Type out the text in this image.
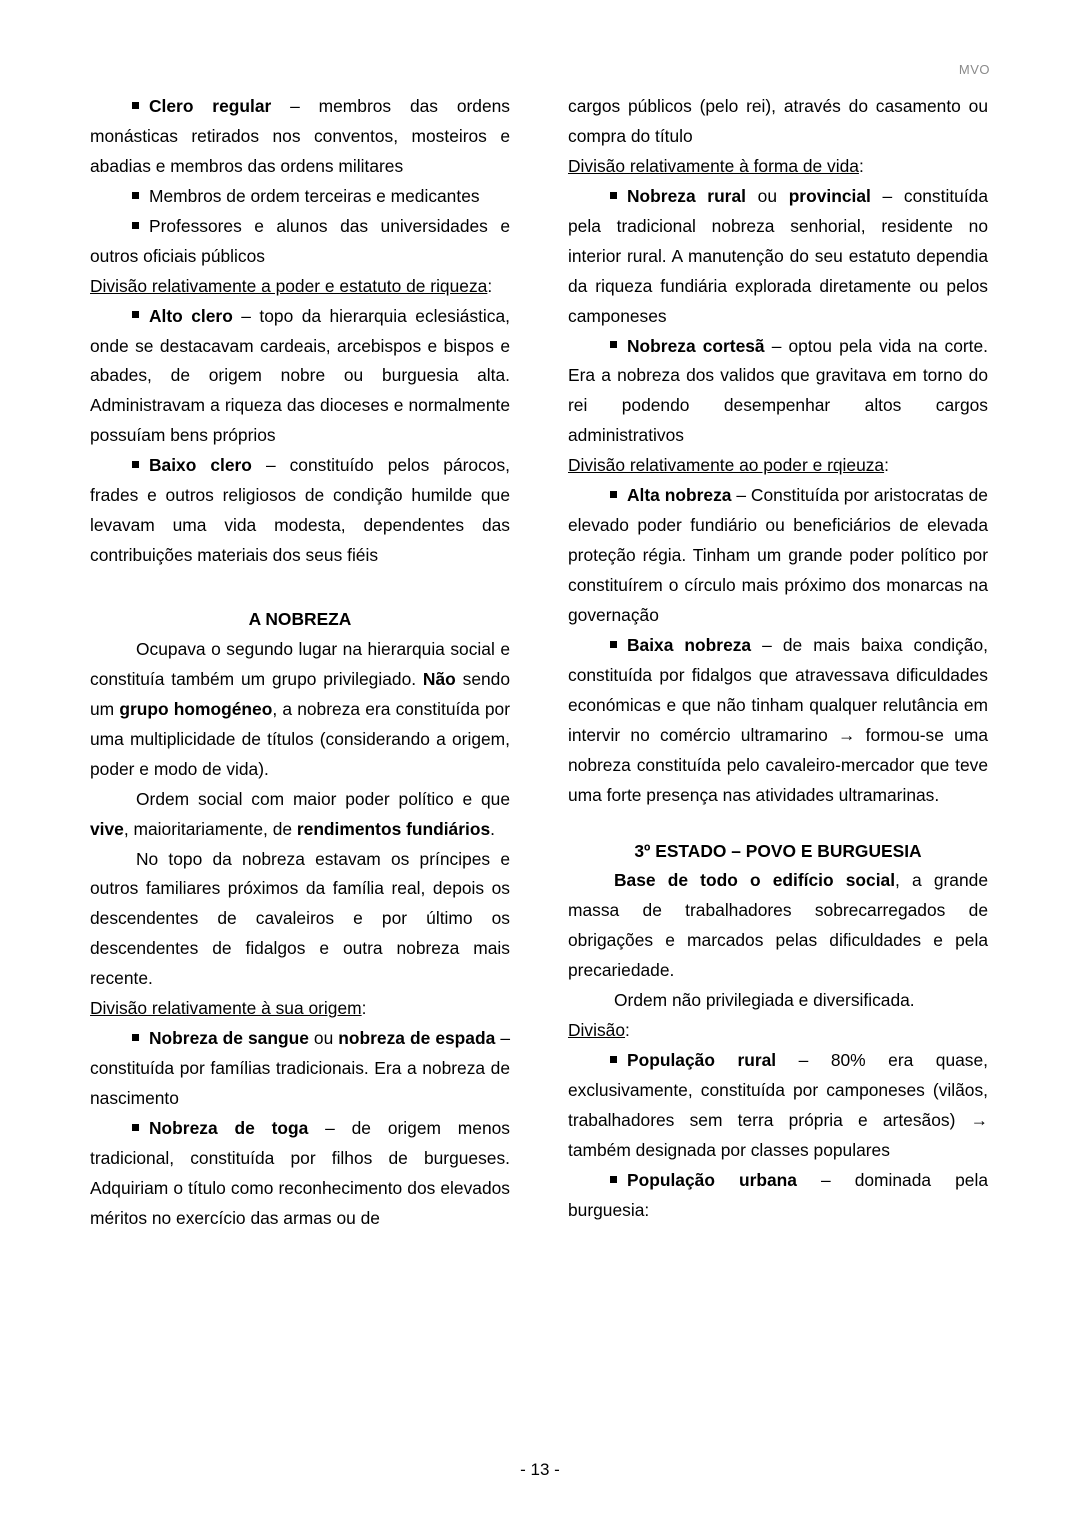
MVO

Clero regular – membros das ordens monásticas retirados nos conventos, mosteiros e abadias e membros das ordens militares

Membros de ordem terceiras e medicantes

Professores e alunos das universidades e outros oficiais públicos

Divisão relativamente a poder e estatuto de riqueza:

Alto clero – topo da hierarquia eclesiástica, onde se destacavam cardeais, arcebispos e bispos e abades, de origem nobre ou burguesia alta. Administravam a riqueza das dioceses e normalmente possuíam bens próprios

Baixo clero – constituído pelos párocos, frades e outros religiosos de condição humilde que levavam uma vida modesta, dependentes das contribuições materiais dos seus fiéis

A NOBREZA

Ocupava o segundo lugar na hierarquia social e constituía também um grupo privilegiado. Não sendo um grupo homogéneo, a nobreza era constituída por uma multiplicidade de títulos (considerando a origem, poder e modo de vida).

Ordem social com maior poder político e que vive, maioritariamente, de rendimentos fundiários.

No topo da nobreza estavam os príncipes e outros familiares próximos da família real, depois os descendentes de cavaleiros e por último os descendentes de fidalgos e outra nobreza mais recente.

Divisão relativamente à sua origem:

Nobreza de sangue ou nobreza de espada – constituída por famílias tradicionais. Era a nobreza de nascimento

Nobreza de toga – de origem menos tradicional, constituída por filhos de burgueses. Adquiriam o título como reconhecimento dos elevados méritos no exercício das armas ou de

cargos públicos (pelo rei), através do casamento ou compra do título

Divisão relativamente à forma de vida:

Nobreza rural ou provincial – constituída pela tradicional nobreza senhorial, residente no interior rural. A manutenção do seu estatuto dependia da riqueza fundiária explorada diretamente ou pelos camponeses

Nobreza cortesã – optou pela vida na corte. Era a nobreza dos validos que gravitava em torno do rei podendo desempenhar altos cargos administrativos

Divisão relativamente ao poder e rqieuza:

Alta nobreza – Constituída por aristocratas de elevado poder fundiário ou beneficiários de elevada proteção régia. Tinham um grande poder político por constituírem o círculo mais próximo dos monarcas na governação

Baixa nobreza – de mais baixa condição, constituída por fidalgos que atravessava dificuldades económicas e que não tinham qualquer relutância em intervir no comércio ultramarino → formou-se uma nobreza constituída pelo cavaleiro-mercador que teve uma forte presença nas atividades ultramarinas.

3º ESTADO – POVO E BURGUESIA

Base de todo o edifício social, a grande massa de trabalhadores sobrecarregados de obrigações e marcados pelas dificuldades e pela precariedade.

Ordem não privilegiada e diversificada.

Divisão:

População rural – 80% era quase, exclusivamente, constituída por camponeses (vilãos, trabalhadores sem terra própria e artesãos) → também designada por classes populares

População urbana – dominada pela burguesia:

- 13 -
